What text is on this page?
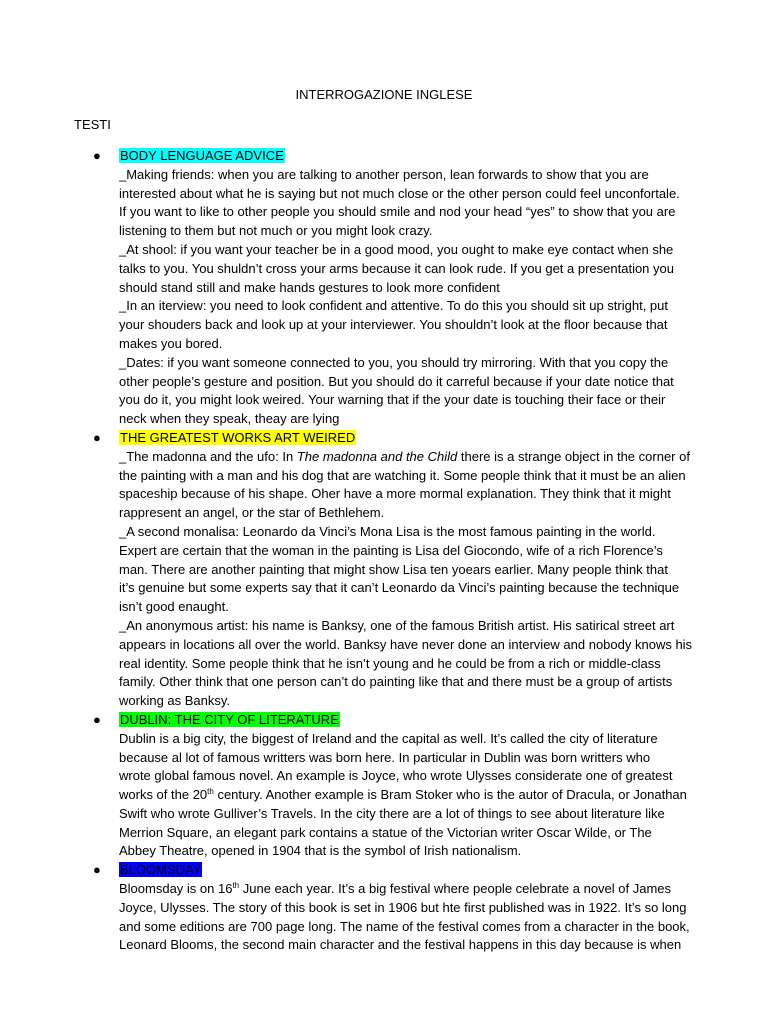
INTERROGAZIONE INGLESE
TESTI
●	BODY LENGUAGE ADVICE

_Making friends: when you are talking to another person, lean forwards to show that you are
interested about what he is saying but not much close or the other person could feel unconfortale.
If you want to like to other people you should smile and nod your head “yes” to show that you are
listening to them but not much or you might look crazy.

_At shool: if you want your teacher be in a good mood, you ought to make eye contact when she
talks to you. You shuldn’t cross your arms because it can look rude. If you get a presentation you
should stand still and make hands gestures to look more confident

_In an iterview: you need to look confident and attentive. To do this you should sit up stright, put
your shouders back and look up at your interviewer. You shouldn’t look at the floor because that
makes you bored.

_Dates: if you want someone connected to you, you should try mirroring. With that you copy the
other people’s gesture and position. But you should do it carreful because if your date notice that
you do it, you might look weired. Your warning that if the your date is touching their face or their
neck when they speak, theay are lying

●	THE GREATEST WORKS ART WEIRED

_The madonna and the ufo: In The madonna and the Child there is a strange object in the corner of
the painting with a man and his dog that are watching it. Some people think that it must be an alien
spaceship because of his shape. Oher have a more mormal explanation. They think that it might
rappresent an angel, or the star of Bethlehem.

_A second monalisa: Leonardo da Vinci’s Mona Lisa is the most famous painting in the world.
Expert are certain that the woman in the painting is Lisa del Giocondo, wife of a rich Florence’s
man. There are another painting that might show Lisa ten yoears earlier. Many people think that
it’s genuine but some experts say that it can’t Leonardo da Vinci’s painting because the technique
isn’t good enaught.

_An anonymous artist: his name is Banksy, one of the famous British artist. His satirical street art
appears in locations all over the world. Banksy have never done an interview and nobody knows his
real identity. Some people think that he isn’t young and he could be from a rich or middle-class
family. Other think that one person can’t do painting like that and there must be a group of artists
working as Banksy.

●	DUBLIN: THE CITY OF LITERATURE

Dublin is a big city, the biggest of Ireland and the capital as well. It’s called the city of literature
because al lot of famous writters was born here. In particular in Dublin was born writters who
wrote global famous novel. An example is Joyce, who wrote Ulysses considerate one of greatest
works of the 20th century. Another example is Bram Stoker who is the autor of Dracula, or Jonathan
Swift who wrote Gulliver’s Travels. In the city there are a lot of things to see about literature like
Merrion Square, an elegant park contains a statue of the Victorian writer Oscar Wilde, or The
Abbey Theatre, opened in 1904 that is the symbol of Irish nationalism.

●	BLOOMSDAY

Bloomsday is on 16th June each year. It’s a big festival where people celebrate a novel of James
Joyce, Ulysses. The story of this book is set in 1906 but hte first published was in 1922. It’s so long
and some editions are 700 page long. The name of the festival comes from a character in the book,
Leonard Blooms, the second main character and the festival happens in this day because is when
